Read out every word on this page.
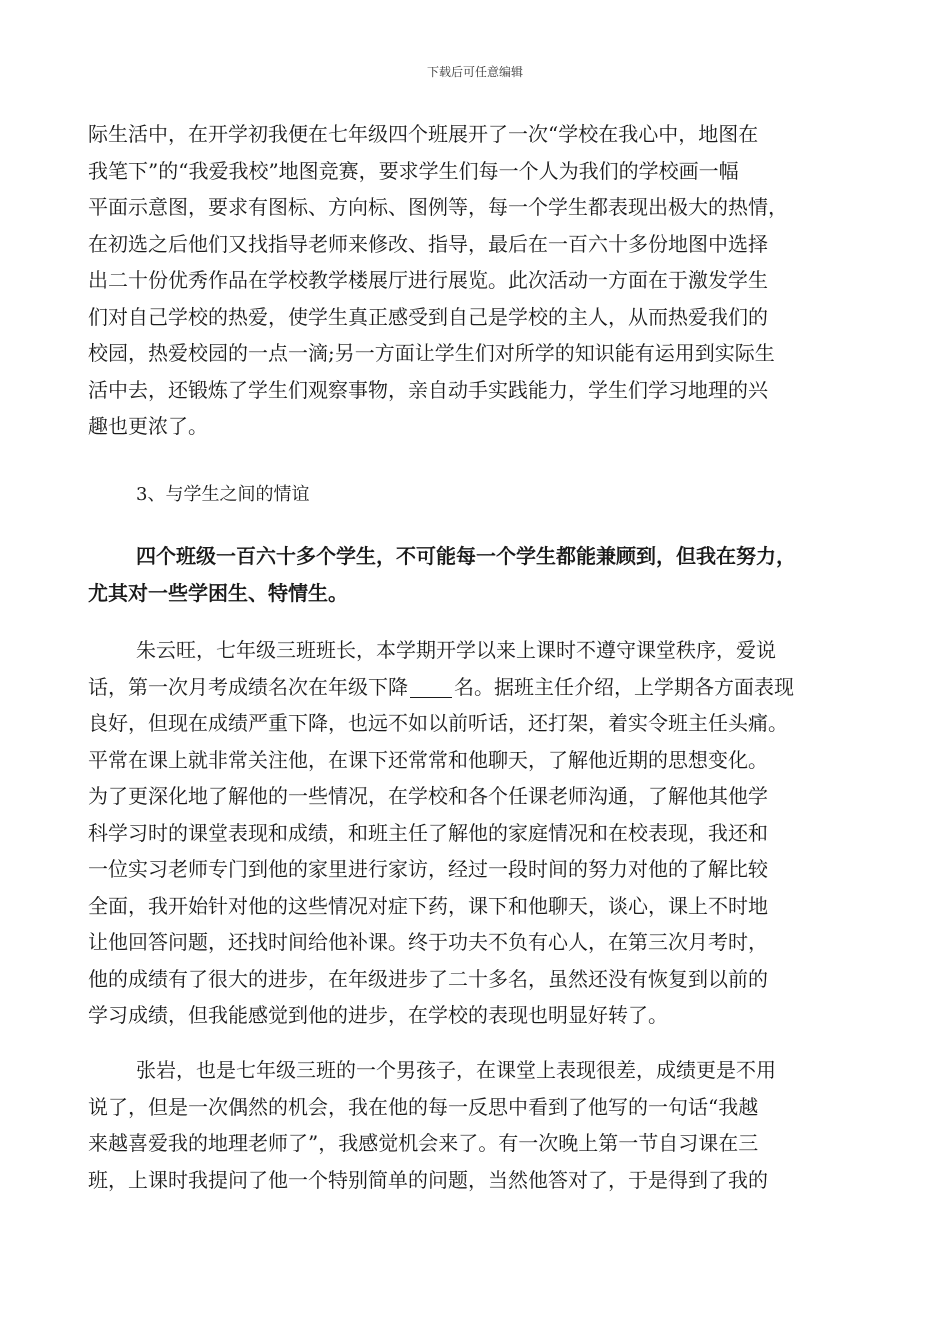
下载后可任意编辑
际生活中，在开学初我便在七年级四个班展开了一次“学校在我心中，地图在
我笔下”的“我爱我校”地图竞赛，要求学生们每一个人为我们的学校画一幅
平面示意图，要求有图标、方向标、图例等，每一个学生都表现出极大的热情，
在初选之后他们又找指导老师来修改、指导，最后在一百六十多份地图中选择
出二十份优秀作品在学校教学楼展厅进行展览。此次活动一方面在于激发学生
们对自己学校的热爱，使学生真正感受到自己是学校的主人，从而热爱我们的
校园，热爱校园的一点一滴;另一方面让学生们对所学的知识能有运用到实际生
活中去，还锻炼了学生们观察事物，亲自动手实践能力，学生们学习地理的兴
趣也更浓了。
3、与学生之间的情谊
四个班级一百六十多个学生，不可能每一个学生都能兼顾到，但我在努力，
尤其对一些学困生、特情生。
朱云旺，七年级三班班长，本学期开学以来上课时不遵守课堂秩序，爱说
话，第一次月考成绩名次在年级下降 名。据班主任介绍，上学期各方面表现
良好，但现在成绩严重下降，也远不如以前听话，还打架，着实令班主任头痛。
平常在课上就非常关注他，在课下还常常和他聊天，了解他近期的思想变化。
为了更深化地了解他的一些情况，在学校和各个任课老师沟通，了解他其他学
科学习时的课堂表现和成绩，和班主任了解他的家庭情况和在校表现，我还和
一位实习老师专门到他的家里进行家访，经过一段时间的努力对他的了解比较
全面，我开始针对他的这些情况对症下药，课下和他聊天，谈心，课上不时地
让他回答问题，还找时间给他补课。终于功夫不负有心人，在第三次月考时，
他的成绩有了很大的进步，在年级进步了二十多名，虽然还没有恢复到以前的
学习成绩，但我能感觉到他的进步，在学校的表现也明显好转了。
张岩，也是七年级三班的一个男孩子，在课堂上表现很差，成绩更是不用
说了，但是一次偶然的机会，我在他的每一反思中看到了他写的一句话“我越
来越喜爱我的地理老师了”，我感觉机会来了。有一次晚上第一节自习课在三
班，上课时我提问了他一个特别简单的问题，当然他答对了，于是得到了我的
